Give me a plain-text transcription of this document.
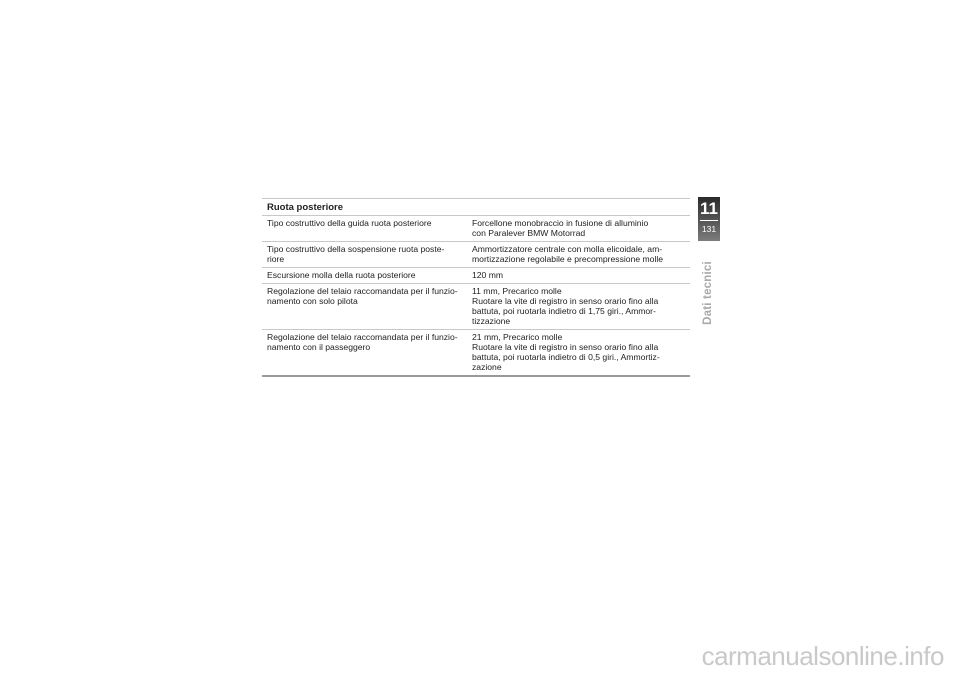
Ruota posteriore
Tipo costruttivo della guida ruota posteriore	Forcellone monobraccio in fusione di alluminio
con Paralever BMW Motorrad
Tipo costruttivo della sospensione ruota poste-
riore
Ammortizzatore centrale con molla elicoidale, am-
mortizzazione regolabile e precompressione molle
Escursione molla della ruota posteriore	120 mm
Regolazione del telaio raccomandata per il funzio-
namento con solo pilota
11 mm, Precarico molle
Ruotare la vite di registro in senso orario fino alla
battuta, poi ruotarla indietro di 1,75 giri., Ammor-
tizzazione
Regolazione del telaio raccomandata per il funzio-
namento con il passeggero
21 mm, Precarico molle
Ruotare la vite di registro in senso orario fino alla
battuta, poi ruotarla indietro di 0,5 giri., Ammortiz-
zazione
11
131
Dati tecnici
carmanualsonline.info
